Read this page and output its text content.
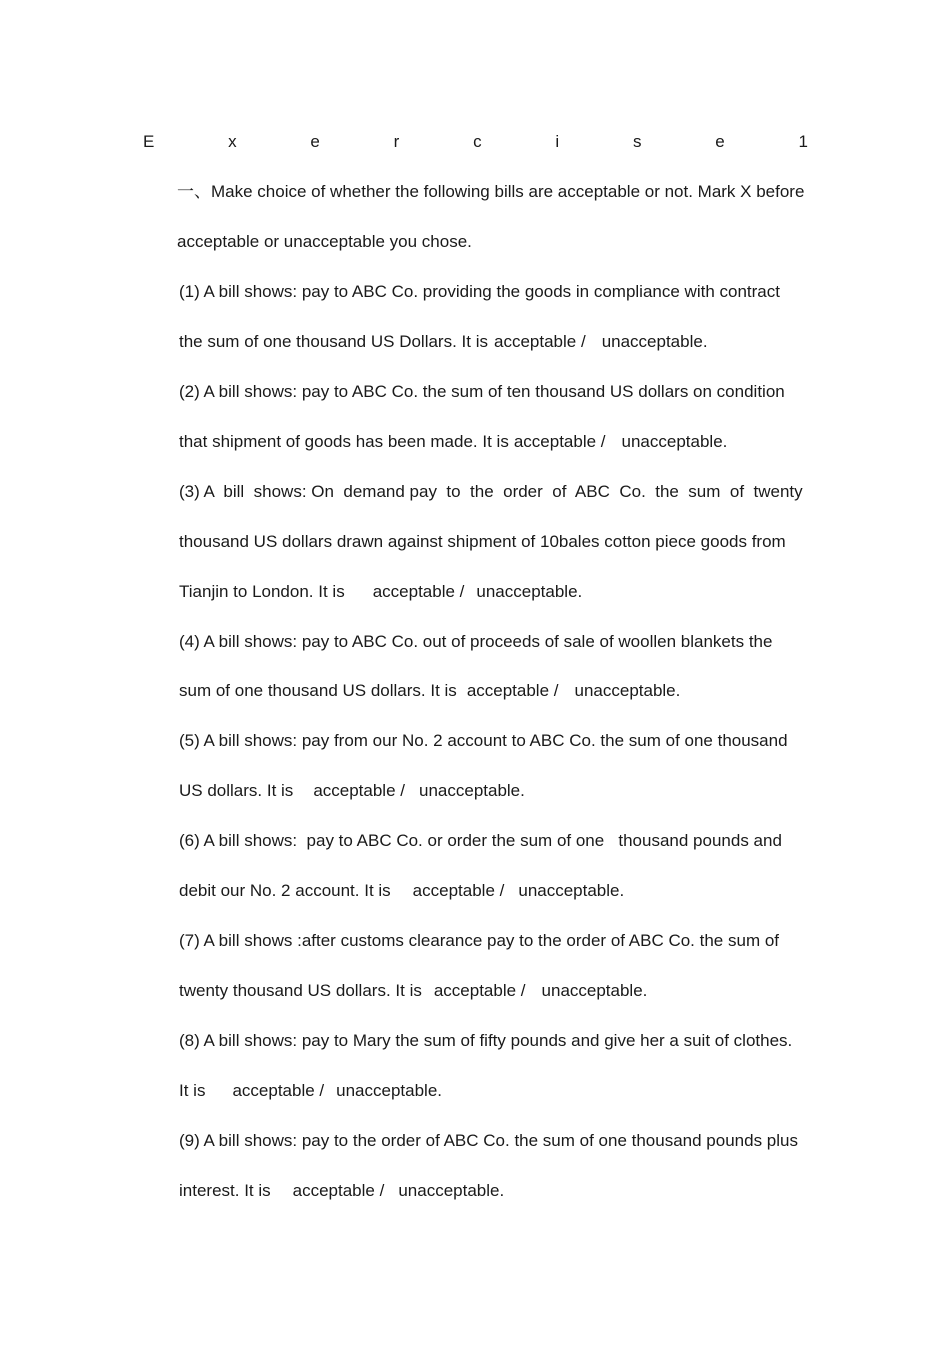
E	x	e	r	c	i	s	e	1
一、Make choice of whether the following bills are acceptable or not. Mark X before
acceptable or unacceptable you chose.
(1) A bill shows: pay to ABC Co. providing the goods in compliance with contract
the sum of one thousand US Dollars. It is acceptable / unacceptable.
(2) A bill shows: pay to ABC Co. the sum of ten thousand US dollars on condition
that shipment of goods has been made. It is acceptable / unacceptable.
(3) A  bill  shows: On  demand pay  to  the  order  of  ABC  Co.  the  sum  of  twenty
thousand US dollars drawn against shipment of 10bales cotton piece goods from
Tianjin to London. It is acceptable / unacceptable.
(4) A bill shows: pay to ABC Co. out of proceeds of sale of woollen blankets the
sum of one thousand US dollars. It is acceptable / unacceptable.
(5) A bill shows: pay from our No. 2 account to ABC Co. the sum of one thousand
US dollars. It is acceptable / unacceptable.
(6) A bill shows:  pay to ABC Co. or order the sum of one   thousand pounds and
debit our No. 2 account. It is acceptable / unacceptable.
(7) A bill shows :after customs clearance pay to the order of ABC Co. the sum of
twenty thousand US dollars. It is acceptable / unacceptable.
(8) A bill shows: pay to Mary the sum of fifty pounds and give her a suit of clothes.
It is acceptable / unacceptable.
(9) A bill shows: pay to the order of ABC Co. the sum of one thousand pounds plus
interest. It is acceptable / unacceptable.
